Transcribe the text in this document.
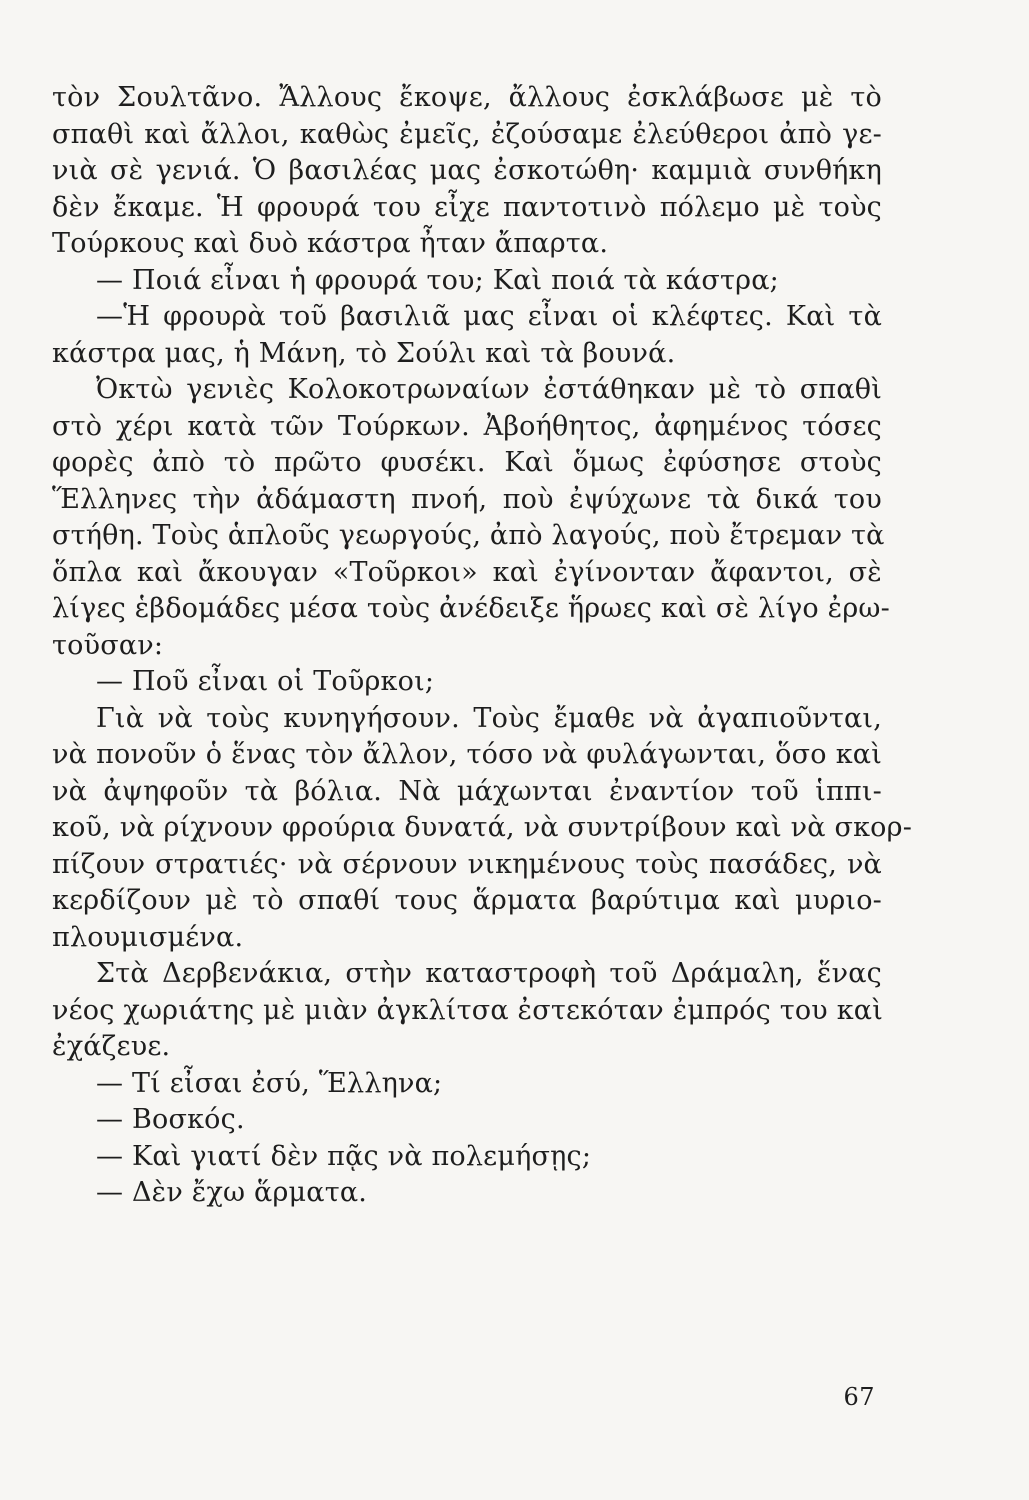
τὸν Σουλτᾶνο. Ἄλλους ἔκοψε, ἄλλους ἐσκλάβωσε μὲ τὸ
σπαθὶ καὶ ἄλλοι, καθὼς ἐμεῖς, ἐζούσαμε ἐλεύθεροι ἀπὸ γε-
νιὰ σὲ γενιά. Ὁ βασιλέας μας ἐσκοτώθη· καμμιὰ συνθήκη
δὲν ἔκαμε. Ἡ φρουρά του εἶχε παντοτινὸ πόλεμο μὲ τοὺς
Τούρκους καὶ δυὸ κάστρα ἦταν ἄπαρτα.
— Ποιά εἶναι ἡ φρουρά του; Καὶ ποιά τὰ κάστρα;
—Ἡ φρουρὰ τοῦ βασιλιᾶ μας εἶναι οἱ κλέφτες. Καὶ τὰ
κάστρα μας, ἡ Μάνη, τὸ Σούλι καὶ τὰ βουνά.
Ὀκτὼ γενιὲς Κολοκοτρωναίων ἐστάθηκαν μὲ τὸ σπαθὶ
στὸ χέρι κατὰ τῶν Τούρκων. Ἀβοήθητος, ἀφημένος τόσες
φορὲς ἀπὸ τὸ πρῶτο φυσέκι. Καὶ ὅμως ἐφύσησε στοὺς
Ἕλληνες τὴν ἀδάμαστη πνοή, ποὺ ἐψύχωνε τὰ δικά του
στήθη. Τοὺς ἁπλοῦς γεωργούς, ἀπὸ λαγούς, ποὺ ἔτρεμαν τὰ
ὅπλα καὶ ἄκουγαν «Τοῦρκοι» καὶ ἐγίνονταν ἄφαντοι, σὲ
λίγες ἑβδομάδες μέσα τοὺς ἀνέδειξε ἥρωες καὶ σὲ λίγο ἐρω-
τοῦσαν:
— Ποῦ εἶναι οἱ Τοῦρκοι;
Γιὰ νὰ τοὺς κυνηγήσουν. Τοὺς ἔμαθε νὰ ἀγαπιοῦνται,
νὰ πονοῦν ὁ ἕνας τὸν ἄλλον, τόσο νὰ φυλάγωνται, ὅσο καὶ
νὰ ἀψηφοῦν τὰ βόλια. Νὰ μάχωνται ἐναντίον τοῦ ἱππι-
κοῦ, νὰ ρίχνουν φρούρια δυνατά, νὰ συντρίβουν καὶ νὰ σκορ-
πίζουν στρατιές· νὰ σέρνουν νικημένους τοὺς πασάδες, νὰ
κερδίζουν μὲ τὸ σπαθί τους ἅρματα βαρύτιμα καὶ μυριο-
πλουμισμένα.
Στὰ Δερβενάκια, στὴν καταστροφὴ τοῦ Δράμαλη, ἕνας
νέος χωριάτης μὲ μιὰν ἀγκλίτσα ἐστεκόταν ἐμπρός του καὶ
ἐχάζευε.
— Τί εἶσαι ἐσύ, Ἕλληνα;
— Βοσκός.
— Καὶ γιατί δὲν πᾷς νὰ πολεμήσῃς;
— Δὲν ἔχω ἅρματα.
67
